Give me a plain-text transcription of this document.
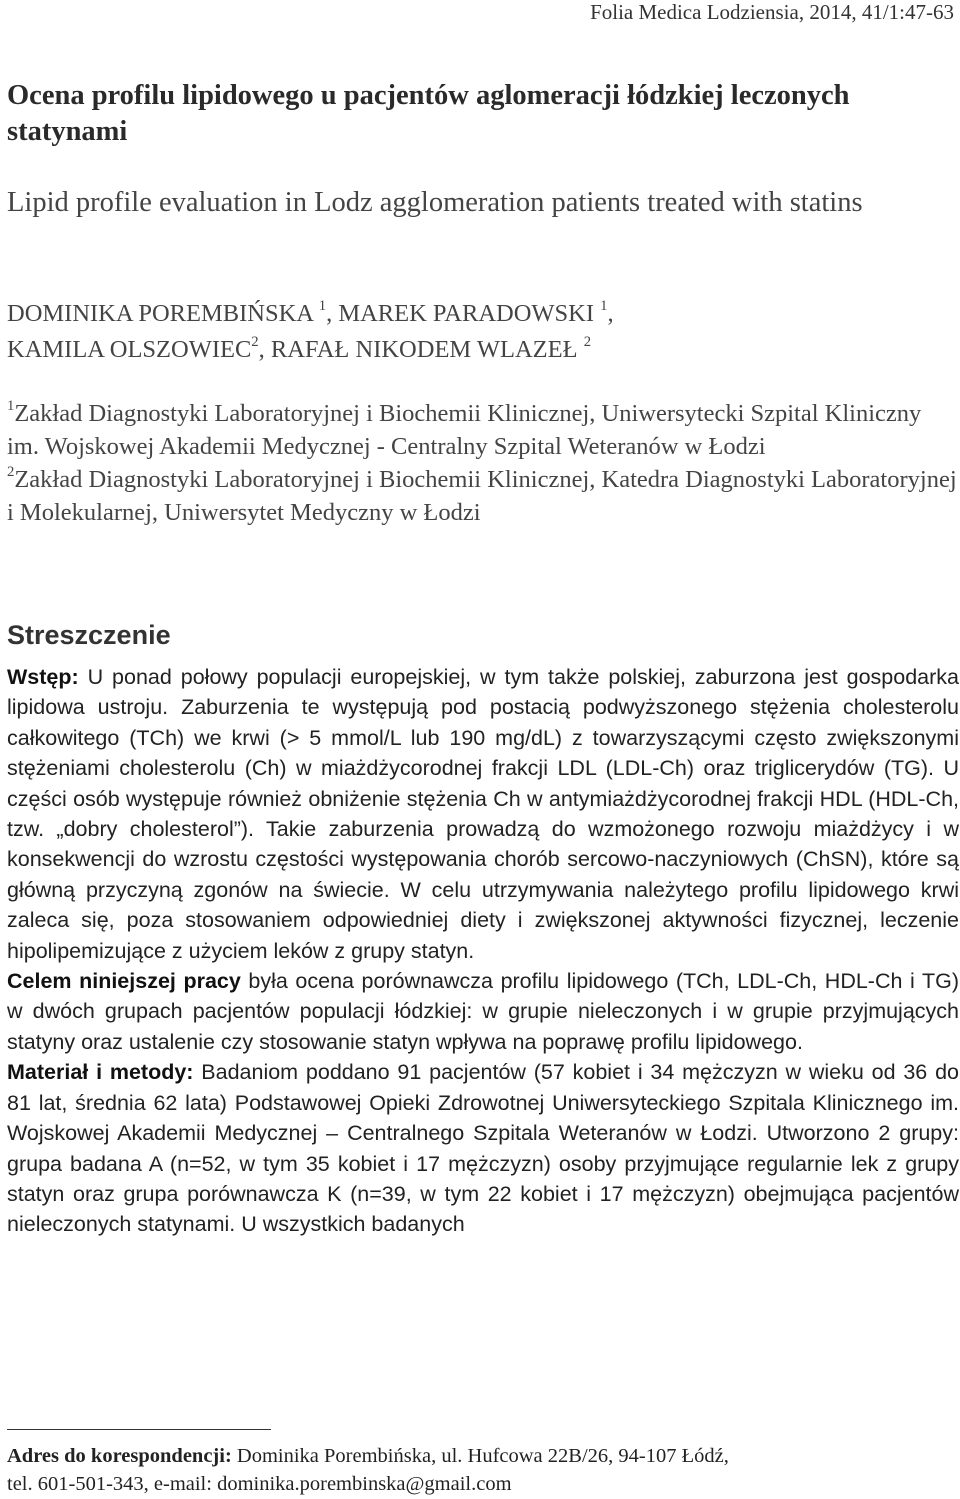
Folia Medica Lodziensia, 2014, 41/1:47-63
Ocena profilu lipidowego u pacjentów aglomeracji łódzkiej leczonych statynami
Lipid profile evaluation in Lodz agglomeration patients treated with statins
DOMINIKA POREMBIŃSKA $^1$, MAREK PARADOWSKI $^1$,
KAMILA OLSZOWIEC$^2$, RAFAŁ NIKODEM WLAZEŁ $^2$

$^1$Zakład Diagnostyki Laboratoryjnej i Biochemii Klinicznej, Uniwersytecki Szpital Kliniczny im. Wojskowej Akademii Medycznej - Centralny Szpital Weteranów w Łodzi

$^2$Zakład Diagnostyki Laboratoryjnej i Biochemii Klinicznej, Katedra Diagnostyki Laboratoryjnej i Molekularnej, Uniwersytet Medyczny w Łodzi

Streszczenie
Wstęp: U ponad połowy populacji europejskiej, w tym także polskiej, zaburzona jest gospodarka lipidowa ustroju. Zaburzenia te występują pod postacią podwyższonego stężenia cholesterolu całkowitego (TCh) we krwi (> 5 mmol/L lub 190 mg/dL) z towarzyszącymi często zwiększonymi stężeniami cholesterolu (Ch) w miażdżycorodnej frakcji LDL (LDL-Ch) oraz triglicerydów (TG). U części osób występuje również obniżenie stężenia Ch w antymiażdżycorodnej frakcji HDL (HDL-Ch, tzw. „dobry cholesterol”). Takie zaburzenia prowadzą do wzmożonego rozwoju miażdżycy i w konsekwencji do wzrostu częstości występowania chorób sercowo-naczyniowych (ChSN), które są główną przyczyną zgonów na świecie. W celu utrzymywania należytego profilu lipidowego krwi zaleca się, poza stosowaniem odpowiedniej diety i zwiększonej aktywności fizycznej, leczenie hipolipemizujące z użyciem leków z grupy statyn.
Celem niniejszej pracy była ocena porównawcza profilu lipidowego (TCh, LDL-Ch, HDL-Ch i TG) w dwóch grupach pacjentów populacji łódzkiej: w grupie nieleczonych i w grupie przyjmujących statyny oraz ustalenie czy stosowanie statyn wpływa na poprawę profilu lipidowego.
Materiał i metody: Badaniom poddano 91 pacjentów (57 kobiet i 34 mężczyzn w wieku od 36 do 81 lat, średnia 62 lata) Podstawowej Opieki Zdrowotnej Uniwersyteckiego Szpitala Klinicznego im. Wojskowej Akademii Medycznej – Centralnego Szpitala Weteranów w Łodzi. Utworzono 2 grupy: grupa badana A (n=52, w tym 35 kobiet i 17 mężczyzn) osoby przyjmujące regularnie lek z grupy statyn oraz grupa porównawcza K (n=39, w tym 22 kobiet i 17 mężczyzn) obejmująca pacjentów nieleczonych statynami. U wszystkich badanych

Adres do korespondencji: Dominika Porembińska, ul. Hufcowa 22B/26, 94-107 Łódź,

tel. 601-501-343, e-mail: dominika.porembinska@gmail.com
